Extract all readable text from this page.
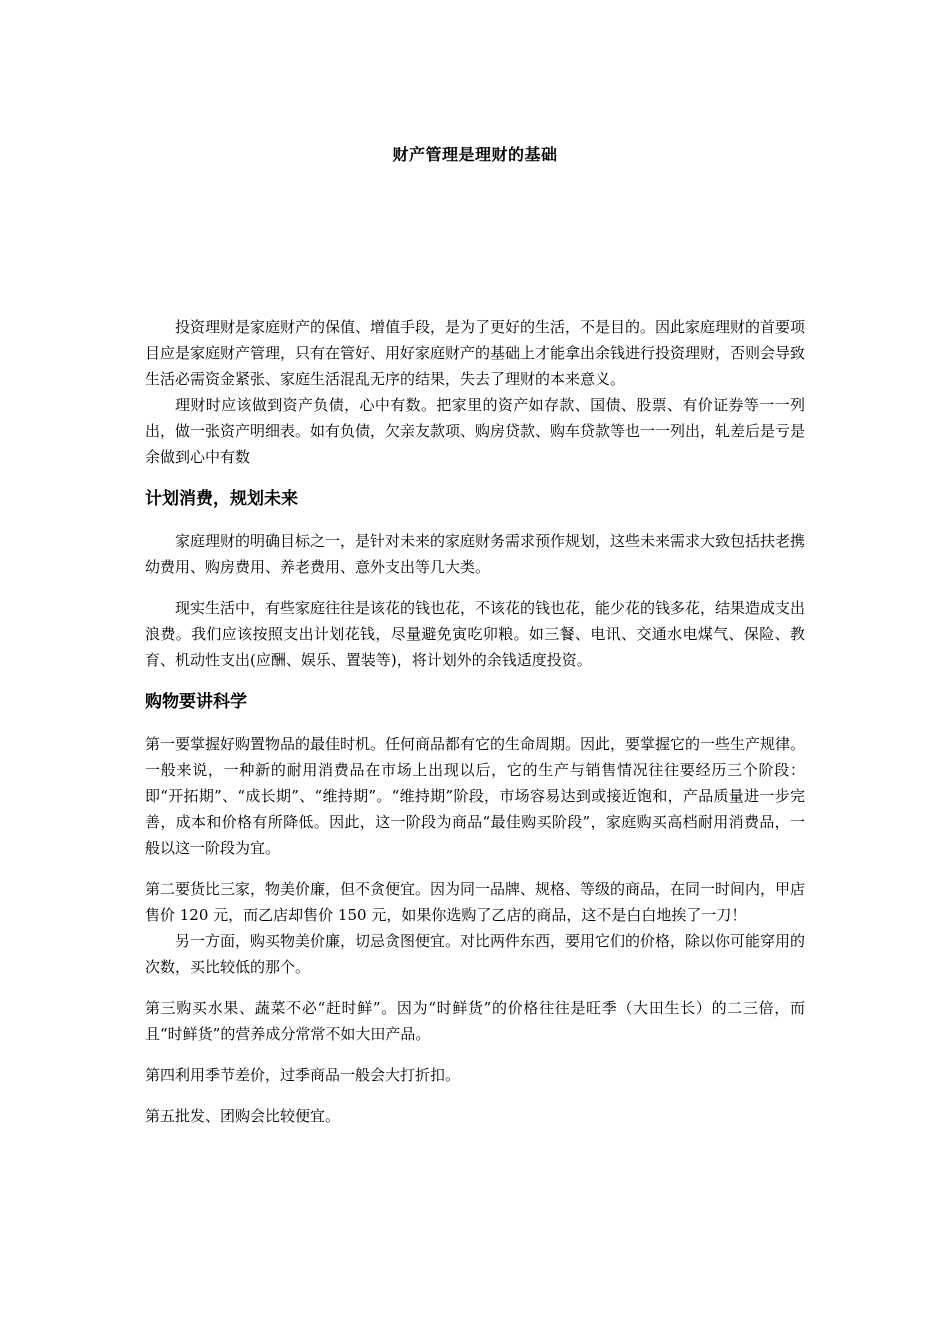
财产管理是理财的基础

投资理财是家庭财产的保值、增值手段，是为了更好的生活，不是目的。因此家庭理财的首要项目应是家庭财产管理，只有在管好、用好家庭财产的基础上才能拿出余钱进行投资理财，否则会导致生活必需资金紧张、家庭生活混乱无序的结果，失去了理财的本来意义。

理财时应该做到资产负债，心中有数。把家里的资产如存款、国债、股票、有价证券等一一列出，做一张资产明细表。如有负债，欠亲友款项、购房贷款、购车贷款等也一一列出，轧差后是亏是余做到心中有数

计划消费，规划未来

家庭理财的明确目标之一，是针对未来的家庭财务需求预作规划，这些未来需求大致包括扶老携幼费用、购房费用、养老费用、意外支出等几大类。

现实生活中，有些家庭往往是该花的钱也花，不该花的钱也花，能少花的钱多花，结果造成支出浪费。我们应该按照支出计划花钱，尽量避免寅吃卯粮。如三餐、电讯、交通水电煤气、保险、教育、机动性支出(应酬、娱乐、置装等)，将计划外的余钱适度投资。

购物要讲科学

第一要掌握好购置物品的最佳时机。任何商品都有它的生命周期。因此，要掌握它的一些生产规律。一般来说，一种新的耐用消费品在市场上出现以后，它的生产与销售情况往往要经历三个阶段：即“开拓期”、“成长期”、“维持期”。“维持期”阶段，市场容易达到或接近饱和，产品质量进一步完善，成本和价格有所降低。因此，这一阶段为商品“最佳购买阶段”，家庭购买高档耐用消费品，一般以这一阶段为宜。

第二要货比三家，物美价廉，但不贪便宜。因为同一品牌、规格、等级的商品，在同一时间内，甲店售价 120 元，而乙店却售价 150 元，如果你选购了乙店的商品，这不是白白地挨了一刀！

另一方面，购买物美价廉，切忌贪图便宜。对比两件东西，要用它们的价格，除以你可能穿用的次数，买比较低的那个。

第三购买水果、蔬菜不必“赶时鲜”。因为“时鲜货”的价格往往是旺季（大田生长）的二三倍，而且“时鲜货”的营养成分常常不如大田产品。

第四利用季节差价，过季商品一般会大打折扣。

第五批发、团购会比较便宜。
